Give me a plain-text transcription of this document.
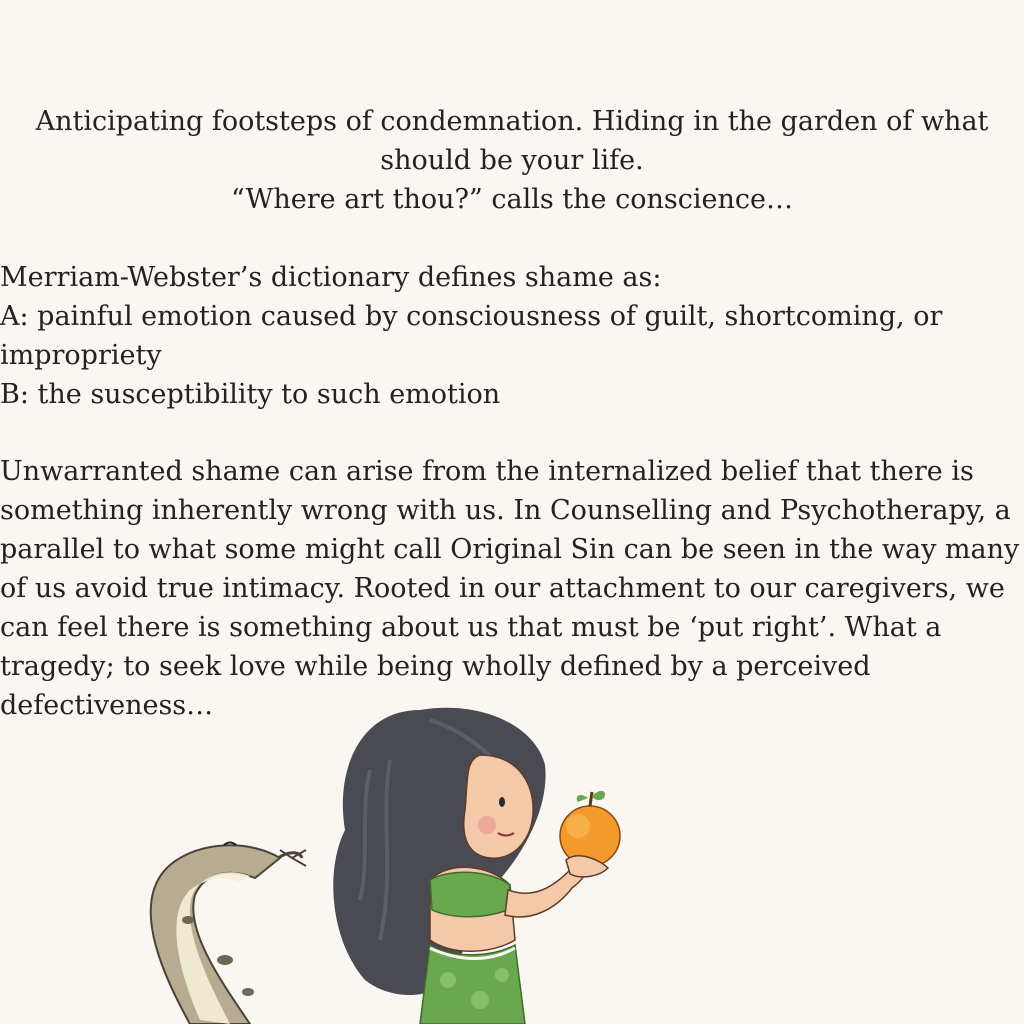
Anticipating footsteps of condemnation. Hiding in the garden of what should be your life.
“Where art thou?” calls the conscience…
Merriam-Webster’s dictionary defines shame as:
A: painful emotion caused by consciousness of guilt, shortcoming, or impropriety
B: the susceptibility to such emotion
Unwarranted shame can arise from the internalized belief that there is something inherently wrong with us. In Counselling and Psychotherapy, a parallel to what some might call Original Sin can be seen in the way many of us avoid true intimacy. Rooted in our attachment to our caregivers, we can feel there is something about us that must be ‘put right’. What a tragedy; to seek love while being wholly defined by a perceived defectiveness…
